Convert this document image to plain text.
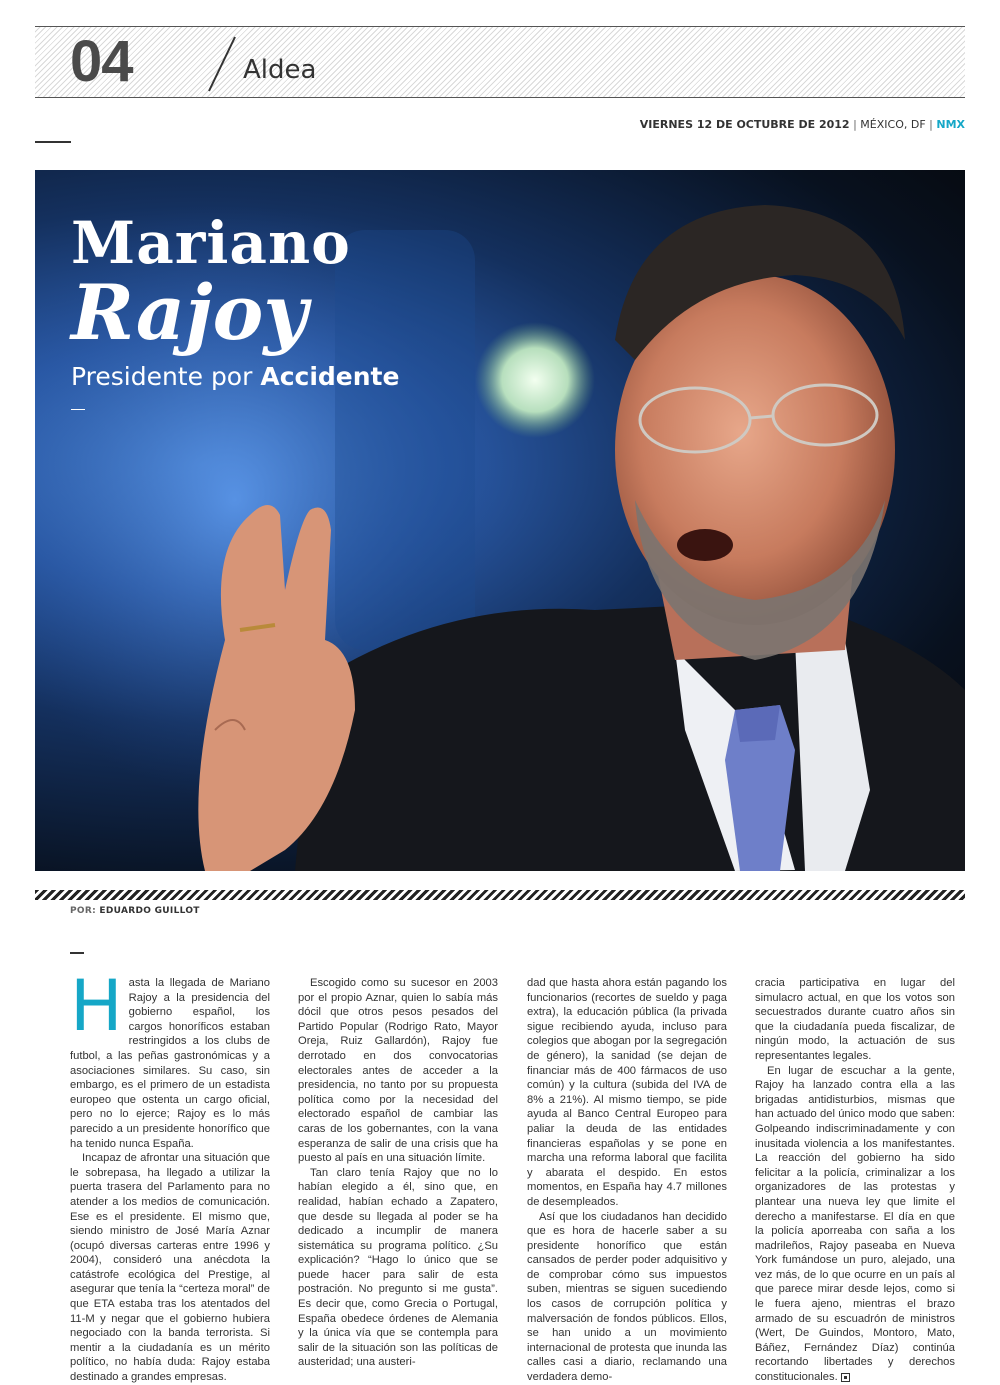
04	Aldea
VIERNES 12 DE OCTUBRE DE 2012 | MÉXICO, DF | NMX
Mariano
Rajoy
Presidente por Accidente
POR: EDUARDO GUILLOT

Hasta la llegada de Mariano Rajoy a la presidencia del gobierno español, los cargos honoríficos estaban restringidos a los clubs de futbol, a las peñas gastronómicas y a asociaciones similares. Su caso, sin embargo, es el primero de un estadista europeo que ostenta un cargo oficial, pero no lo ejerce; Rajoy es lo más parecido a un presidente honorífico que ha tenido nunca España.

Incapaz de afrontar una situación que le sobrepasa, ha llegado a utilizar la puerta trasera del Parlamento para no atender a los medios de comunicación. Ese es el presidente. El mismo que, siendo ministro de José María Aznar (ocupó diversas carteras entre 1996 y 2004), consideró una anécdota la catástrofe ecológica del Prestige, al asegurar que tenía la “certeza moral” de que ETA estaba tras los atentados del 11-M y negar que el gobierno hubiera negociado con la banda terrorista. Si mentir a la ciudadanía es un mérito político, no había duda: Rajoy estaba destinado a grandes empresas.

Escogido como su sucesor en 2003 por el propio Aznar, quien lo sabía más dócil que otros pesos pesados del Partido Popular (Rodrigo Rato, Mayor Oreja, Ruiz Gallardón), Rajoy fue derrotado en dos convocatorias electorales antes de acceder a la presidencia, no tanto por su propuesta política como por la necesidad del electorado español de cambiar las caras de los gobernantes, con la vana esperanza de salir de una crisis que ha puesto al país en una situación límite.

Tan claro tenía Rajoy que no lo habían elegido a él, sino que, en realidad, habían echado a Zapatero, que desde su llegada al poder se ha dedicado a incumplir de manera sistemática su programa político. ¿Su explicación? “Hago lo único que se puede hacer para salir de esta postración. No pregunto si me gusta”. Es decir que, como Grecia o Portugal, España obedece órdenes de Alemania y la única vía que se contempla para salir de la situación son las políticas de austeridad; una austeri-

dad que hasta ahora están pagando los funcionarios (recortes de sueldo y paga extra), la educación pública (la privada sigue recibiendo ayuda, incluso para colegios que abogan por la segregación de género), la sanidad (se dejan de financiar más de 400 fármacos de uso común) y la cultura (subida del IVA de 8% a 21%). Al mismo tiempo, se pide ayuda al Banco Central Europeo para paliar la deuda de las entidades financieras españolas y se pone en marcha una reforma laboral que facilita y abarata el despido. En estos momentos, en España hay 4.7 millones de desempleados.

Así que los ciudadanos han decidido que es hora de hacerle saber a su presidente honorífico que están cansados de perder poder adquisitivo y de comprobar cómo sus impuestos suben, mientras se siguen sucediendo los casos de corrupción política y malversación de fondos públicos. Ellos, se han unido a un movimiento internacional de protesta que inunda las calles casi a diario, reclamando una verdadera demo-

cracia participativa en lugar del simulacro actual, en que los votos son secuestrados durante cuatro años sin que la ciudadanía pueda fiscalizar, de ningún modo, la actuación de sus representantes legales.

En lugar de escuchar a la gente, Rajoy ha lanzado contra ella a las brigadas antidisturbios, mismas que han actuado del único modo que saben: Golpeando indiscriminadamente y con inusitada violencia a los manifestantes. La reacción del gobierno ha sido felicitar a la policía, criminalizar a los organizadores de las protestas y plantear una nueva ley que limite el derecho a manifestarse. El día en que la policía aporreaba con saña a los madrileños, Rajoy paseaba en Nueva York fumándose un puro, alejado, una vez más, de lo que ocurre en un país al que parece mirar desde lejos, como si le fuera ajeno, mientras el brazo armado de su escuadrón de ministros (Wert, De Guindos, Montoro, Mato, Báñez, Fernández Díaz) continúa recortando libertades y derechos constitucionales.
